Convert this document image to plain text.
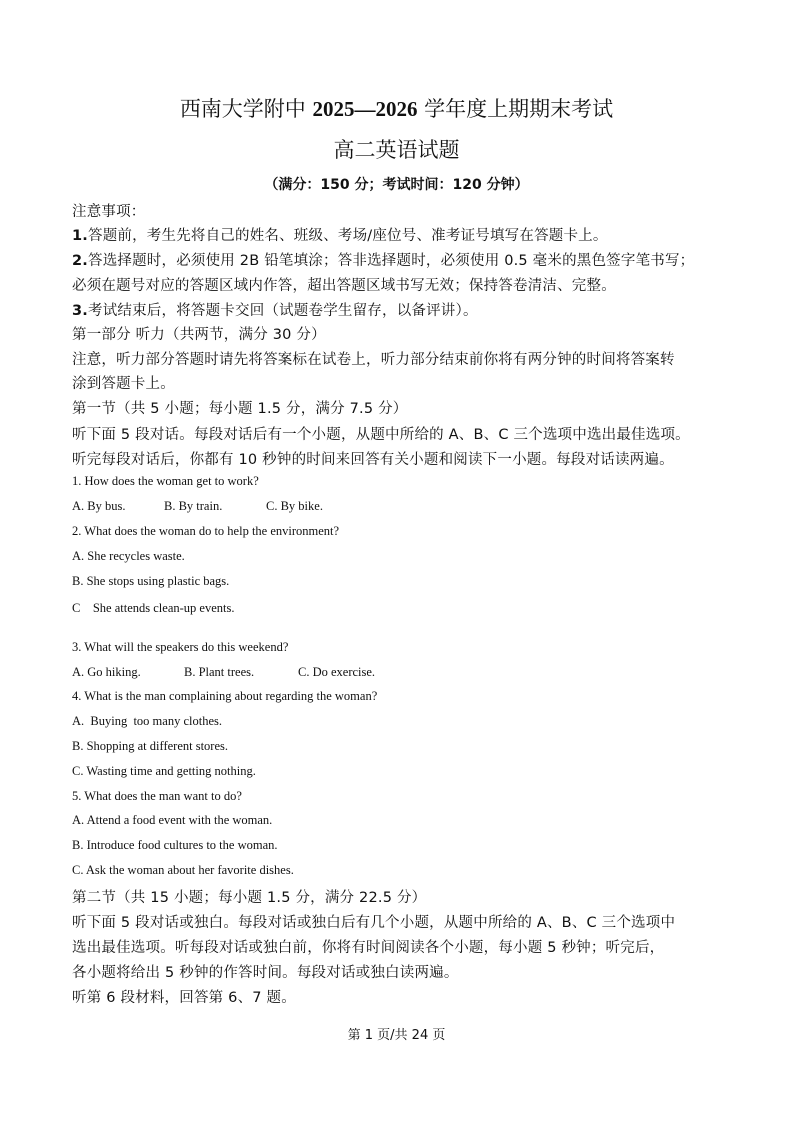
西南大学附中 2025—2026 学年度上期期末考试
高二英语试题
（满分：150 分；考试时间：120 分钟）
注意事项：
1.答题前，考生先将自己的姓名、班级、考场/座位号、准考证号填写在答题卡上。
2.答选择题时，必须使用 2B 铅笔填涂；答非选择题时，必须使用 0.5 毫米的黑色签字笔书写；
必须在题号对应的答题区域内作答，超出答题区域书写无效；保持答卷清洁、完整。
3.考试结束后，将答题卡交回（试题卷学生留存，以备评讲）。
第一部分 听力（共两节，满分 30 分）
注意，听力部分答题时请先将答案标在试卷上，听力部分结束前你将有两分钟的时间将答案转
涂到答题卡上。
第一节（共 5 小题；每小题 1.5 分，满分 7.5 分）
听下面 5 段对话。每段对话后有一个小题，从题中所给的 A、B、C 三个选项中选出最佳选项。
听完每段对话后，你都有 10 秒钟的时间来回答有关小题和阅读下一小题。每段对话读两遍。
1. How does the woman get to work?
A. By bus.	B. By train.	C. By bike.
2. What does the woman do to help the environment?
A. She recycles waste.
B. She stops using plastic bags.
C    She attends clean-up events.
3. What will the speakers do this weekend?
A. Go hiking.	B. Plant trees.	C. Do exercise.
4. What is the man complaining about regarding the woman?
A.  Buying  too many clothes.
B. Shopping at different stores.
C. Wasting time and getting nothing.
5. What does the man want to do?
A. Attend a food event with the woman.
B. Introduce food cultures to the woman.
C. Ask the woman about her favorite dishes.
第二节（共 15 小题；每小题 1.5 分，满分 22.5 分）
听下面 5 段对话或独白。每段对话或独白后有几个小题，从题中所给的 A、B、C 三个选项中
选出最佳选项。听每段对话或独白前，你将有时间阅读各个小题，每小题 5 秒钟；听完后，
各小题将给出 5 秒钟的作答时间。每段对话或独白读两遍。
听第 6 段材料，回答第 6、7 题。
第 1 页/共 24 页
